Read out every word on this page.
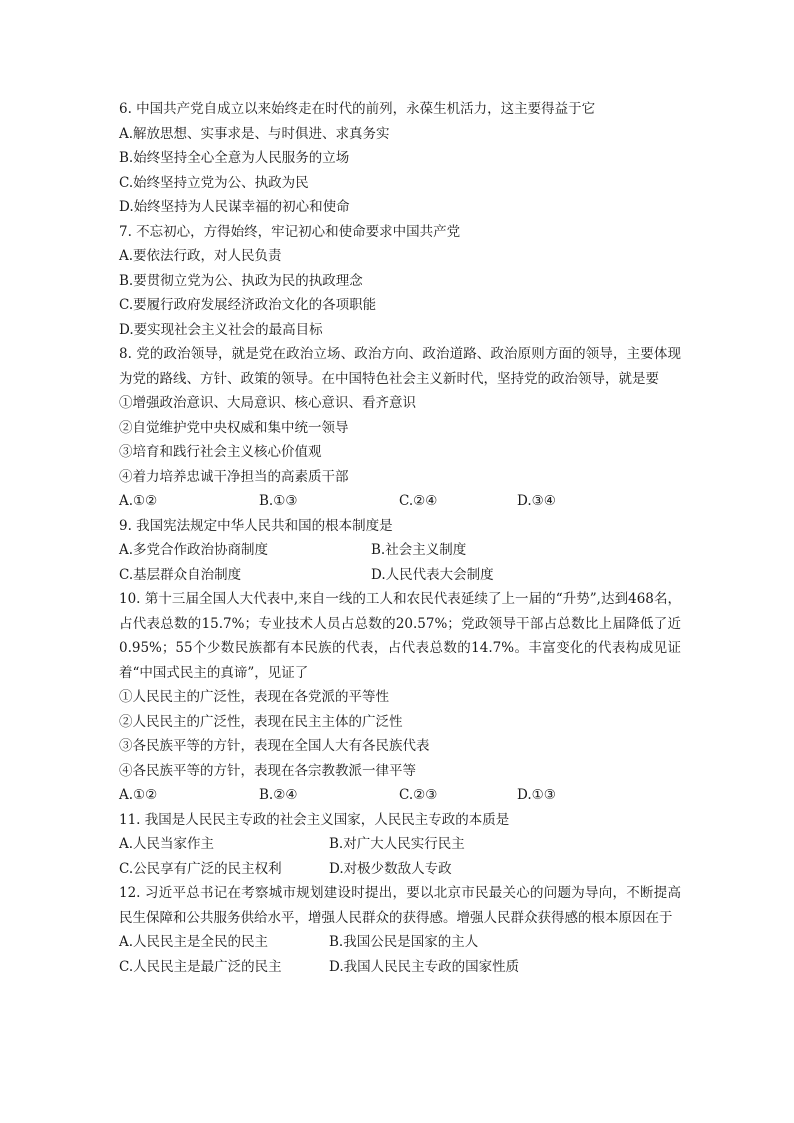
6. 中国共产党自成立以来始终走在时代的前列，永葆生机活力，这主要得益于它
A.解放思想、实事求是、与时俱进、求真务实
B.始终坚持全心全意为人民服务的立场
C.始终坚持立党为公、执政为民
D.始终坚持为人民谋幸福的初心和使命
7. 不忘初心，方得始终，牢记初心和使命要求中国共产党
A.要依法行政，对人民负责
B.要贯彻立党为公、执政为民的执政理念
C.要履行政府发展经济政治文化的各项职能
D.要实现社会主义社会的最高目标
8. 党的政治领导，就是党在政治立场、政治方向、政治道路、政治原则方面的领导，主要体现为党的路线、方针、政策的领导。在中国特色社会主义新时代，坚持党的政治领导，就是要
①增强政治意识、大局意识、核心意识、看齐意识
②自觉维护党中央权威和集中统一领导
③培育和践行社会主义核心价值观
④着力培养忠诚干净担当的高素质干部
A.①②	B.①③	C.②④	D.③④
9. 我国宪法规定中华人民共和国的根本制度是
A.多党合作政治协商制度	B.社会主义制度
C.基层群众自治制度	D.人民代表大会制度
10. 第十三届全国人大代表中,来自一线的工人和农民代表延续了上一届的“升势”,达到468名，占代表总数的15.7%；专业技术人员占总数的20.57%；党政领导干部占总数比上届降低了近0.95%；55个少数民族都有本民族的代表，占代表总数的14.7%。丰富变化的代表构成见证着“中国式民主的真谛”，见证了
①人民民主的广泛性，表现在各党派的平等性
②人民民主的广泛性，表现在民主主体的广泛性
③各民族平等的方针，表现在全国人大有各民族代表
④各民族平等的方针，表现在各宗教教派一律平等
A.①②	B.②④	C.②③	D.①③
11. 我国是人民民主专政的社会主义国家，人民民主专政的本质是
A.人民当家作主	B.对广大人民实行民主
C.公民享有广泛的民主权利	D.对极少数敌人专政
12. 习近平总书记在考察城市规划建设时提出，要以北京市民最关心的问题为导向，不断提高民生保障和公共服务供给水平，增强人民群众的获得感。增强人民群众获得感的根本原因在于
A.人民民主是全民的民主	B.我国公民是国家的主人
C.人民民主是最广泛的民主	D.我国人民民主专政的国家性质
